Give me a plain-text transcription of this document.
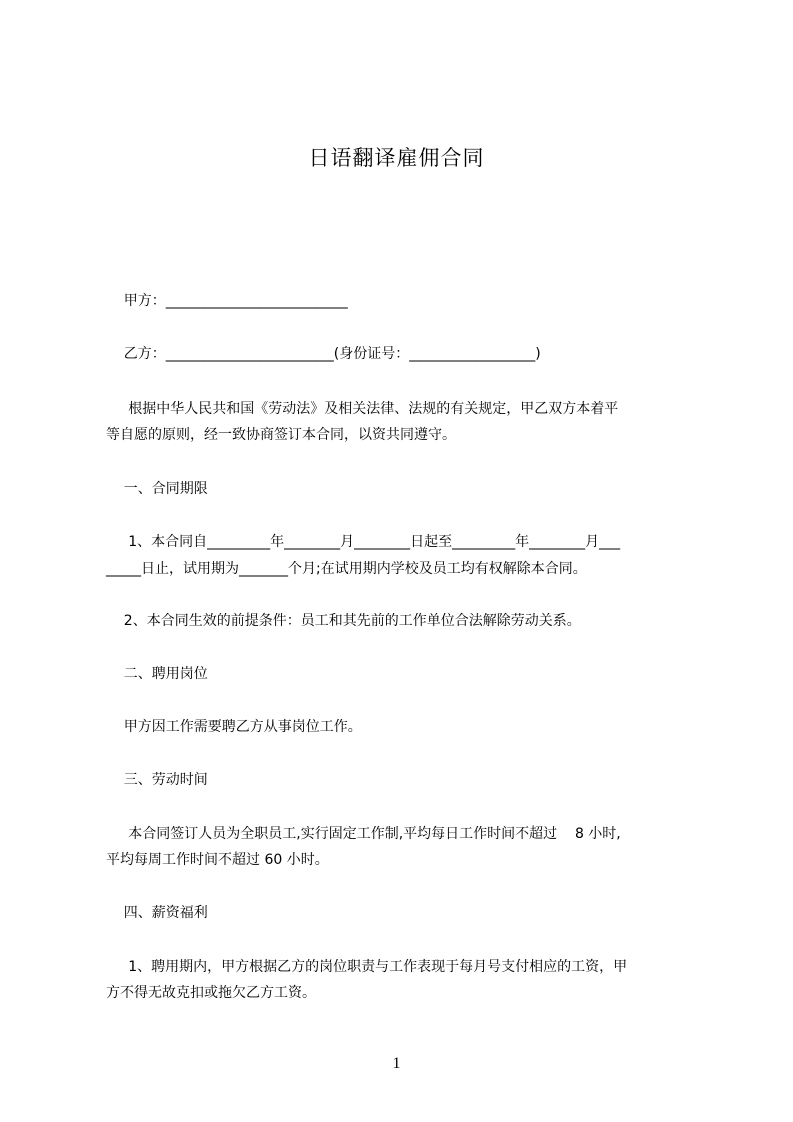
日语翻译雇佣合同
甲方：__________________________
乙方：________________________(身份证号：__________________)
根据中华人民共和国《劳动法》及相关法律、法规的有关规定，甲乙双方本着平
等自愿的原则，经一致协商签订本合同，以资共同遵守。
一、合同期限
1、本合同自_________年________月________日起至_________年________月___
_____日止，试用期为_______个月;在试用期内学校及员工均有权解除本合同。
2、本合同生效的前提条件：员工和其先前的工作单位合法解除劳动关系。
二、聘用岗位
甲方因工作需要聘乙方从事岗位工作。
三、劳动时间
本合同签订人员为全职员工,实行固定工作制,平均每日工作时间不超过    8 小时,
平均每周工作时间不超过 60 小时。
四、薪资福利
1、聘用期内，甲方根据乙方的岗位职责与工作表现于每月号支付相应的工资，甲
方不得无故克扣或拖欠乙方工资。
1
